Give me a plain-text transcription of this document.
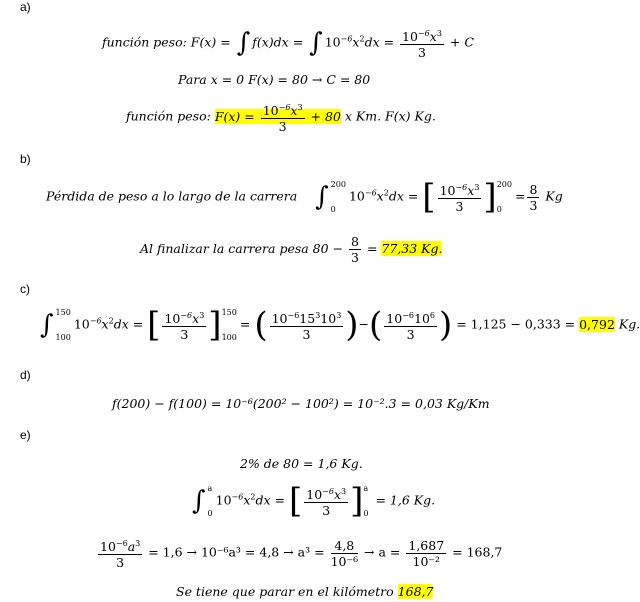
a)
b)
c)
d)
e)
función peso: F(x) = ∫ f(x)dx = ∫ $10^{-6}x^2dx = \frac{10^{-6}x^3}{3} + C$
Para x = 0 F(x) = 80 → C = 80
función peso: $F(x) = \frac{10^{-6}x^3}{3} + 80$ x Km. F(x) Kg.
Pérdida de peso a lo largo de la carrera ∫ 200
0
$10^{-6}x^2dx$ = [ $\frac{10^{-6}x^3}{3}$ ] 200
0
= $\frac{8}{3}$ Kg
Al finalizar la carrera pesa $80 - \frac{8}{3} = 77,33$ Kg.
∫ 150
100
$10^{-6}x^2dx$ = [ $\frac{10^{-6}x^3}{3}$ ] 150
100
= ( $\frac{10^{-6}15^310^3}{3}$ )−( $\frac{10^{-6}10^6}{3}$ ) = 1,125 − 0,333 = 0,792 Kg.
f(200) − f(100) = 10⁻⁶(200² − 100²) = 10⁻².3 = 0,03 Kg/Km
2% de 80 = 1,6 Kg.
∫ a
0
$10^{-6}x^2dx$ = [ $\frac{10^{-6}x^3}{3}$ ] a
0
= 1,6 Kg.
$\frac{10^{-6}a^3}{3} = 1,6 \to 10^{-6}a^3 = 4,8 \to a^3 = \frac{4,8}{\text{10⁻⁶}} \to a = \frac{1,687}{\text{10⁻²}} = 168,7$
Se tiene que parar en el kilómetro 168,7
